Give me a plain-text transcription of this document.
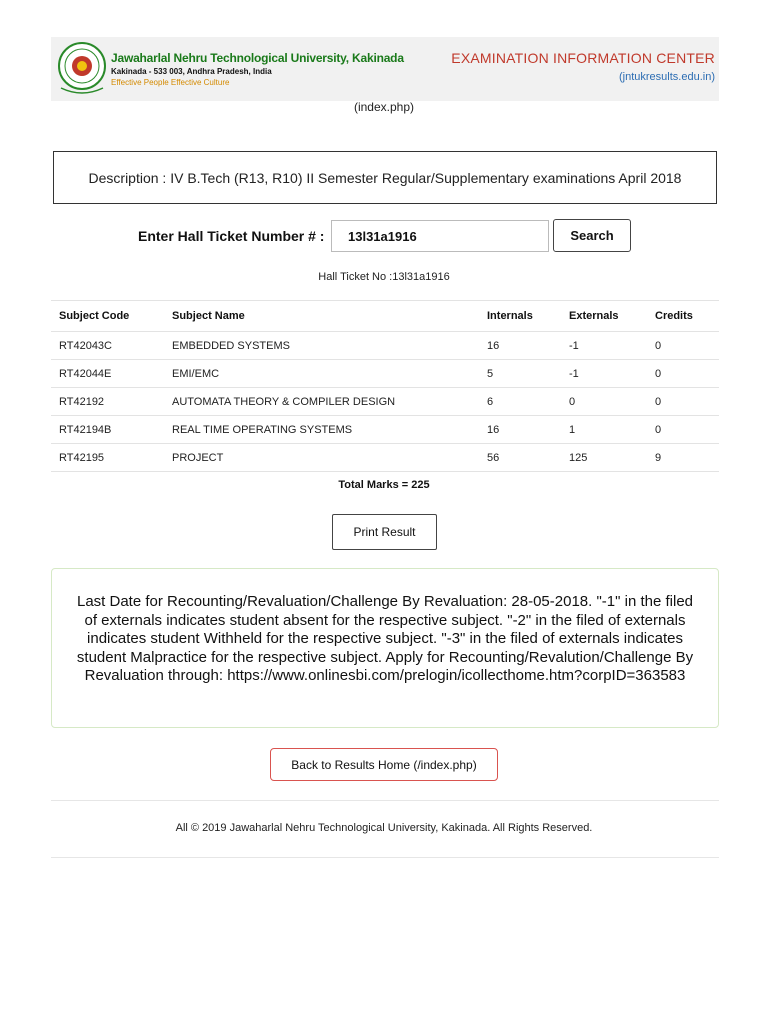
Jawaharlal Nehru Technological University, Kakinada
Kakinada - 533 003, Andhra Pradesh, India
Effective People Effective Culture
EXAMINATION INFORMATION CENTER
(jntukresults.edu.in)
(index.php)
Description : IV B.Tech (R13, R10) II Semester Regular/Supplementary examinations April 2018
Enter Hall Ticket Number # :
13l31a1916	Search
Hall Ticket No :13l31a1916
Subject Code	Subject Name	Internals	Externals	Credits
RT42043C	EMBEDDED SYSTEMS	16	-1	0
RT42044E	EMI/EMC	5	-1	0
RT42192	AUTOMATA THEORY & COMPILER DESIGN	6	0	0
RT42194B	REAL TIME OPERATING SYSTEMS	16	1	0
RT42195	PROJECT	56	125	9
Total Marks = 225
Print Result
Last Date for Recounting/Revaluation/Challenge By Revaluation: 28-05-2018. "-1" in the filed of externals indicates student absent for the respective subject. "-2" in the filed of externals indicates student Withheld for the respective subject. "-3" in the filed of externals indicates student Malpractice for the respective subject. Apply for Recounting/Revalution/Challenge By Revaluation through: https://www.onlinesbi.com/prelogin/icollecthome.htm?corpID=363583
Back to Results Home (/index.php)
All © 2019 Jawaharlal Nehru Technological University, Kakinada. All Rights Reserved.
